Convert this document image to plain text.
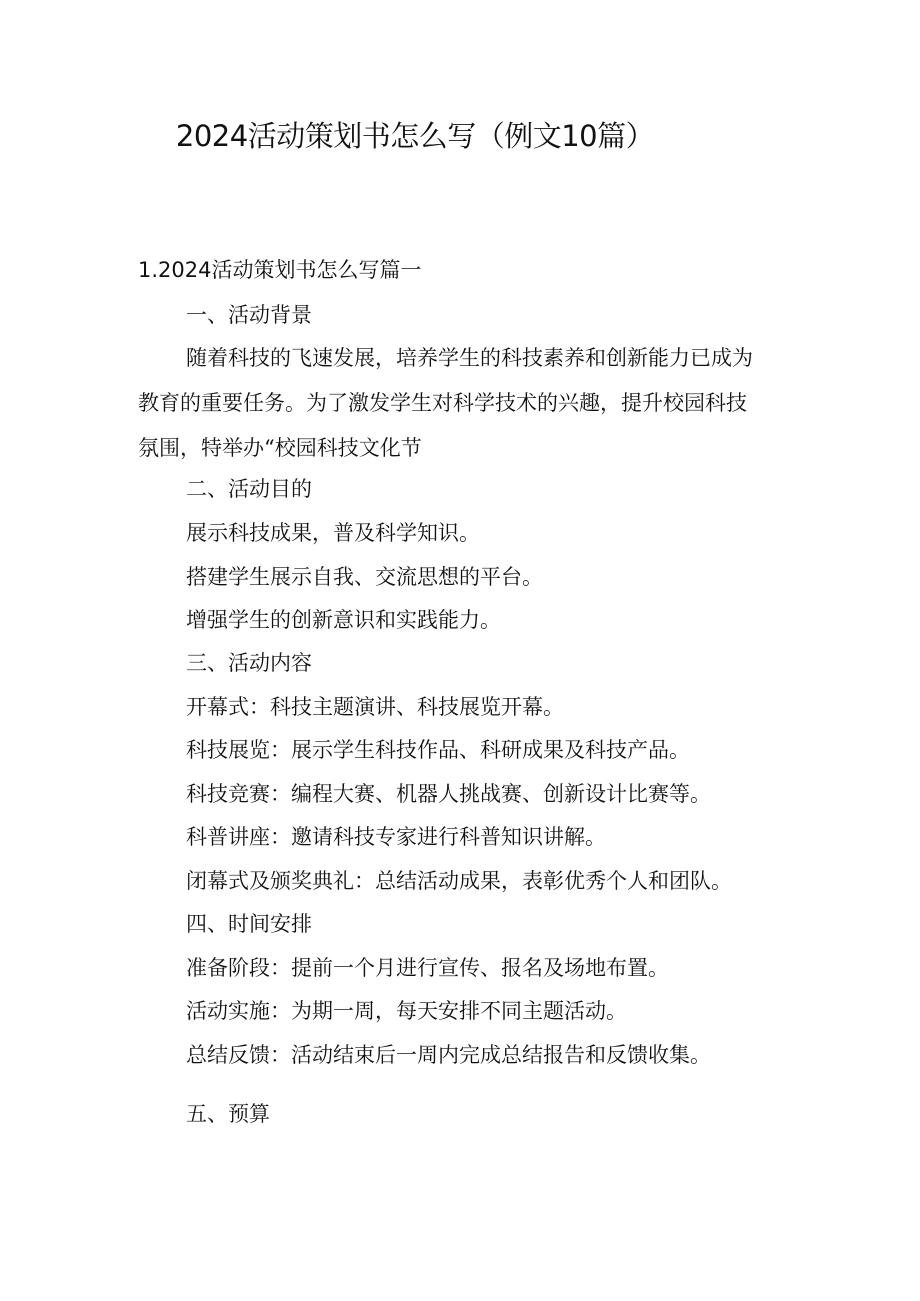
2024活动策划书怎么写（例文10篇）
1.2024活动策划书怎么写篇一

一、活动背景

随着科技的飞速发展，培养学生的科技素养和创新能力已成为
教育的重要任务。为了激发学生对科学技术的兴趣，提升校园科技
氛围，特举办“校园科技文化节

二、活动目的

展示科技成果，普及科学知识。

搭建学生展示自我、交流思想的平台。

增强学生的创新意识和实践能力。

三、活动内容

开幕式：科技主题演讲、科技展览开幕。

科技展览：展示学生科技作品、科研成果及科技产品。

科技竞赛：编程大赛、机器人挑战赛、创新设计比赛等。

科普讲座：邀请科技专家进行科普知识讲解。

闭幕式及颁奖典礼：总结活动成果，表彰优秀个人和团队。

四、时间安排

准备阶段：提前一个月进行宣传、报名及场地布置。

活动实施：为期一周，每天安排不同主题活动。

总结反馈：活动结束后一周内完成总结报告和反馈收集。

五、预算
